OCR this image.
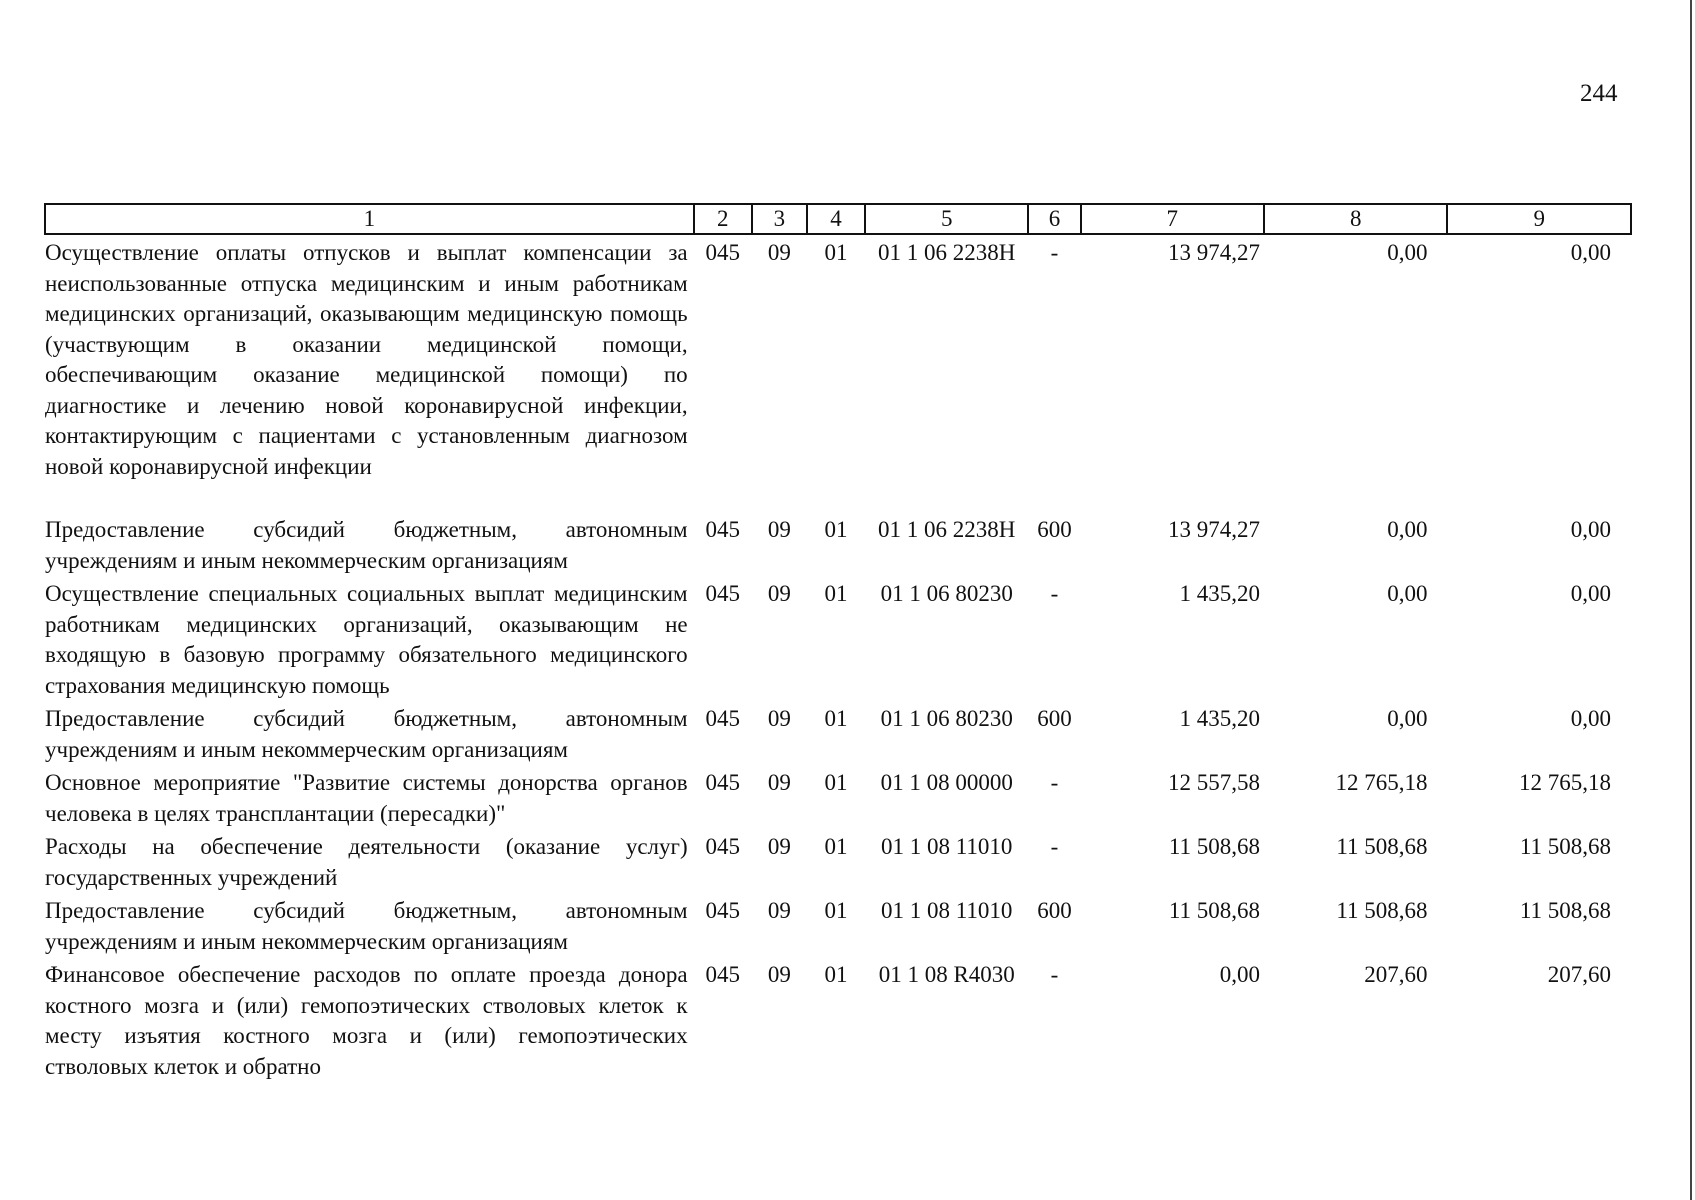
244
1	2	3	4	5	6	7	8	9
Осуществление оплаты отпусков и выплат компенсации за неиспользованные отпуска медицинским и иным работникам медицинских организаций, оказывающим медицинскую помощь (участвующим в оказании медицинской помощи, обеспечивающим оказание медицинской помощи) по диагностике и лечению новой коронавирусной инфекции, контактирующим с пациентами с установленным диагнозом новой коронавирусной инфекции	045	09	01	01 1 06 2238Н	-	13 974,27	0,00	0,00
Предоставление субсидий бюджетным, автономным учреждениям и иным некоммерческим организациям	045	09	01	01 1 06 2238Н	600	13 974,27	0,00	0,00
Осуществление специальных социальных выплат медицинским работникам медицинских организаций, оказывающим не входящую в базовую программу обязательного медицинского страхования медицинскую помощь	045	09	01	01 1 06 80230	-	1 435,20	0,00	0,00
Предоставление субсидий бюджетным, автономным учреждениям и иным некоммерческим организациям	045	09	01	01 1 06 80230	600	1 435,20	0,00	0,00
Основное мероприятие "Развитие системы донорства органов человека в целях трансплантации (пересадки)"	045	09	01	01 1 08 00000	-	12 557,58	12 765,18	12 765,18
Расходы на обеспечение деятельности (оказание услуг) государственных учреждений	045	09	01	01 1 08 11010	-	11 508,68	11 508,68	11 508,68
Предоставление субсидий бюджетным, автономным учреждениям и иным некоммерческим организациям	045	09	01	01 1 08 11010	600	11 508,68	11 508,68	11 508,68
Финансовое обеспечение расходов по оплате проезда донора костного мозга и (или) гемопоэтических стволовых клеток к месту изъятия костного мозга и (или) гемопоэтических стволовых клеток и обратно	045	09	01	01 1 08 R4030	-	0,00	207,60	207,60
